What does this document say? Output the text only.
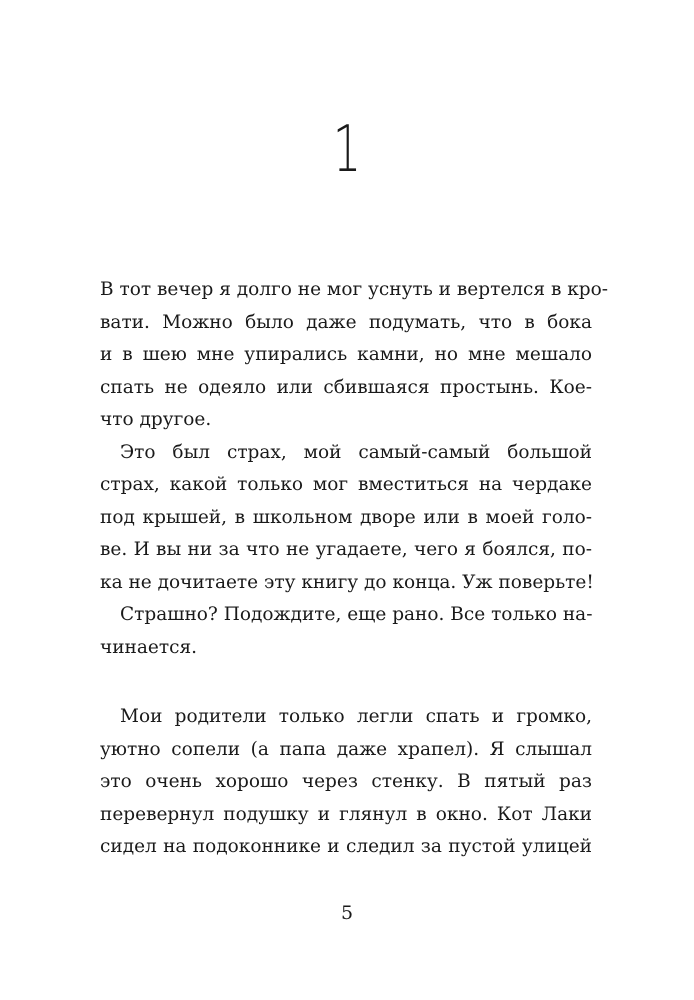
1
В тот вечер я долго не мог уснуть и вертелся в кро-
вати. Можно было даже подумать, что в бока
и в шею мне упирались камни, но мне мешало
спать не одеяло или сбившаяся простынь. Кое-
что другое.
Это был страх, мой самый-самый большой
страх, какой только мог вместиться на чердаке
под крышей, в школьном дворе или в моей голо-
ве. И вы ни за что не угадаете, чего я боялся, по-
ка не дочитаете эту книгу до конца. Уж поверьте!
Страшно? Подождите, еще рано. Все только на-
чинается.
Мои родители только легли спать и громко,
уютно сопели (а папа даже храпел). Я слышал
это очень хорошо через стенку. В пятый раз
перевернул подушку и глянул в окно. Кот Лаки
сидел на подоконнике и следил за пустой улицей
5
